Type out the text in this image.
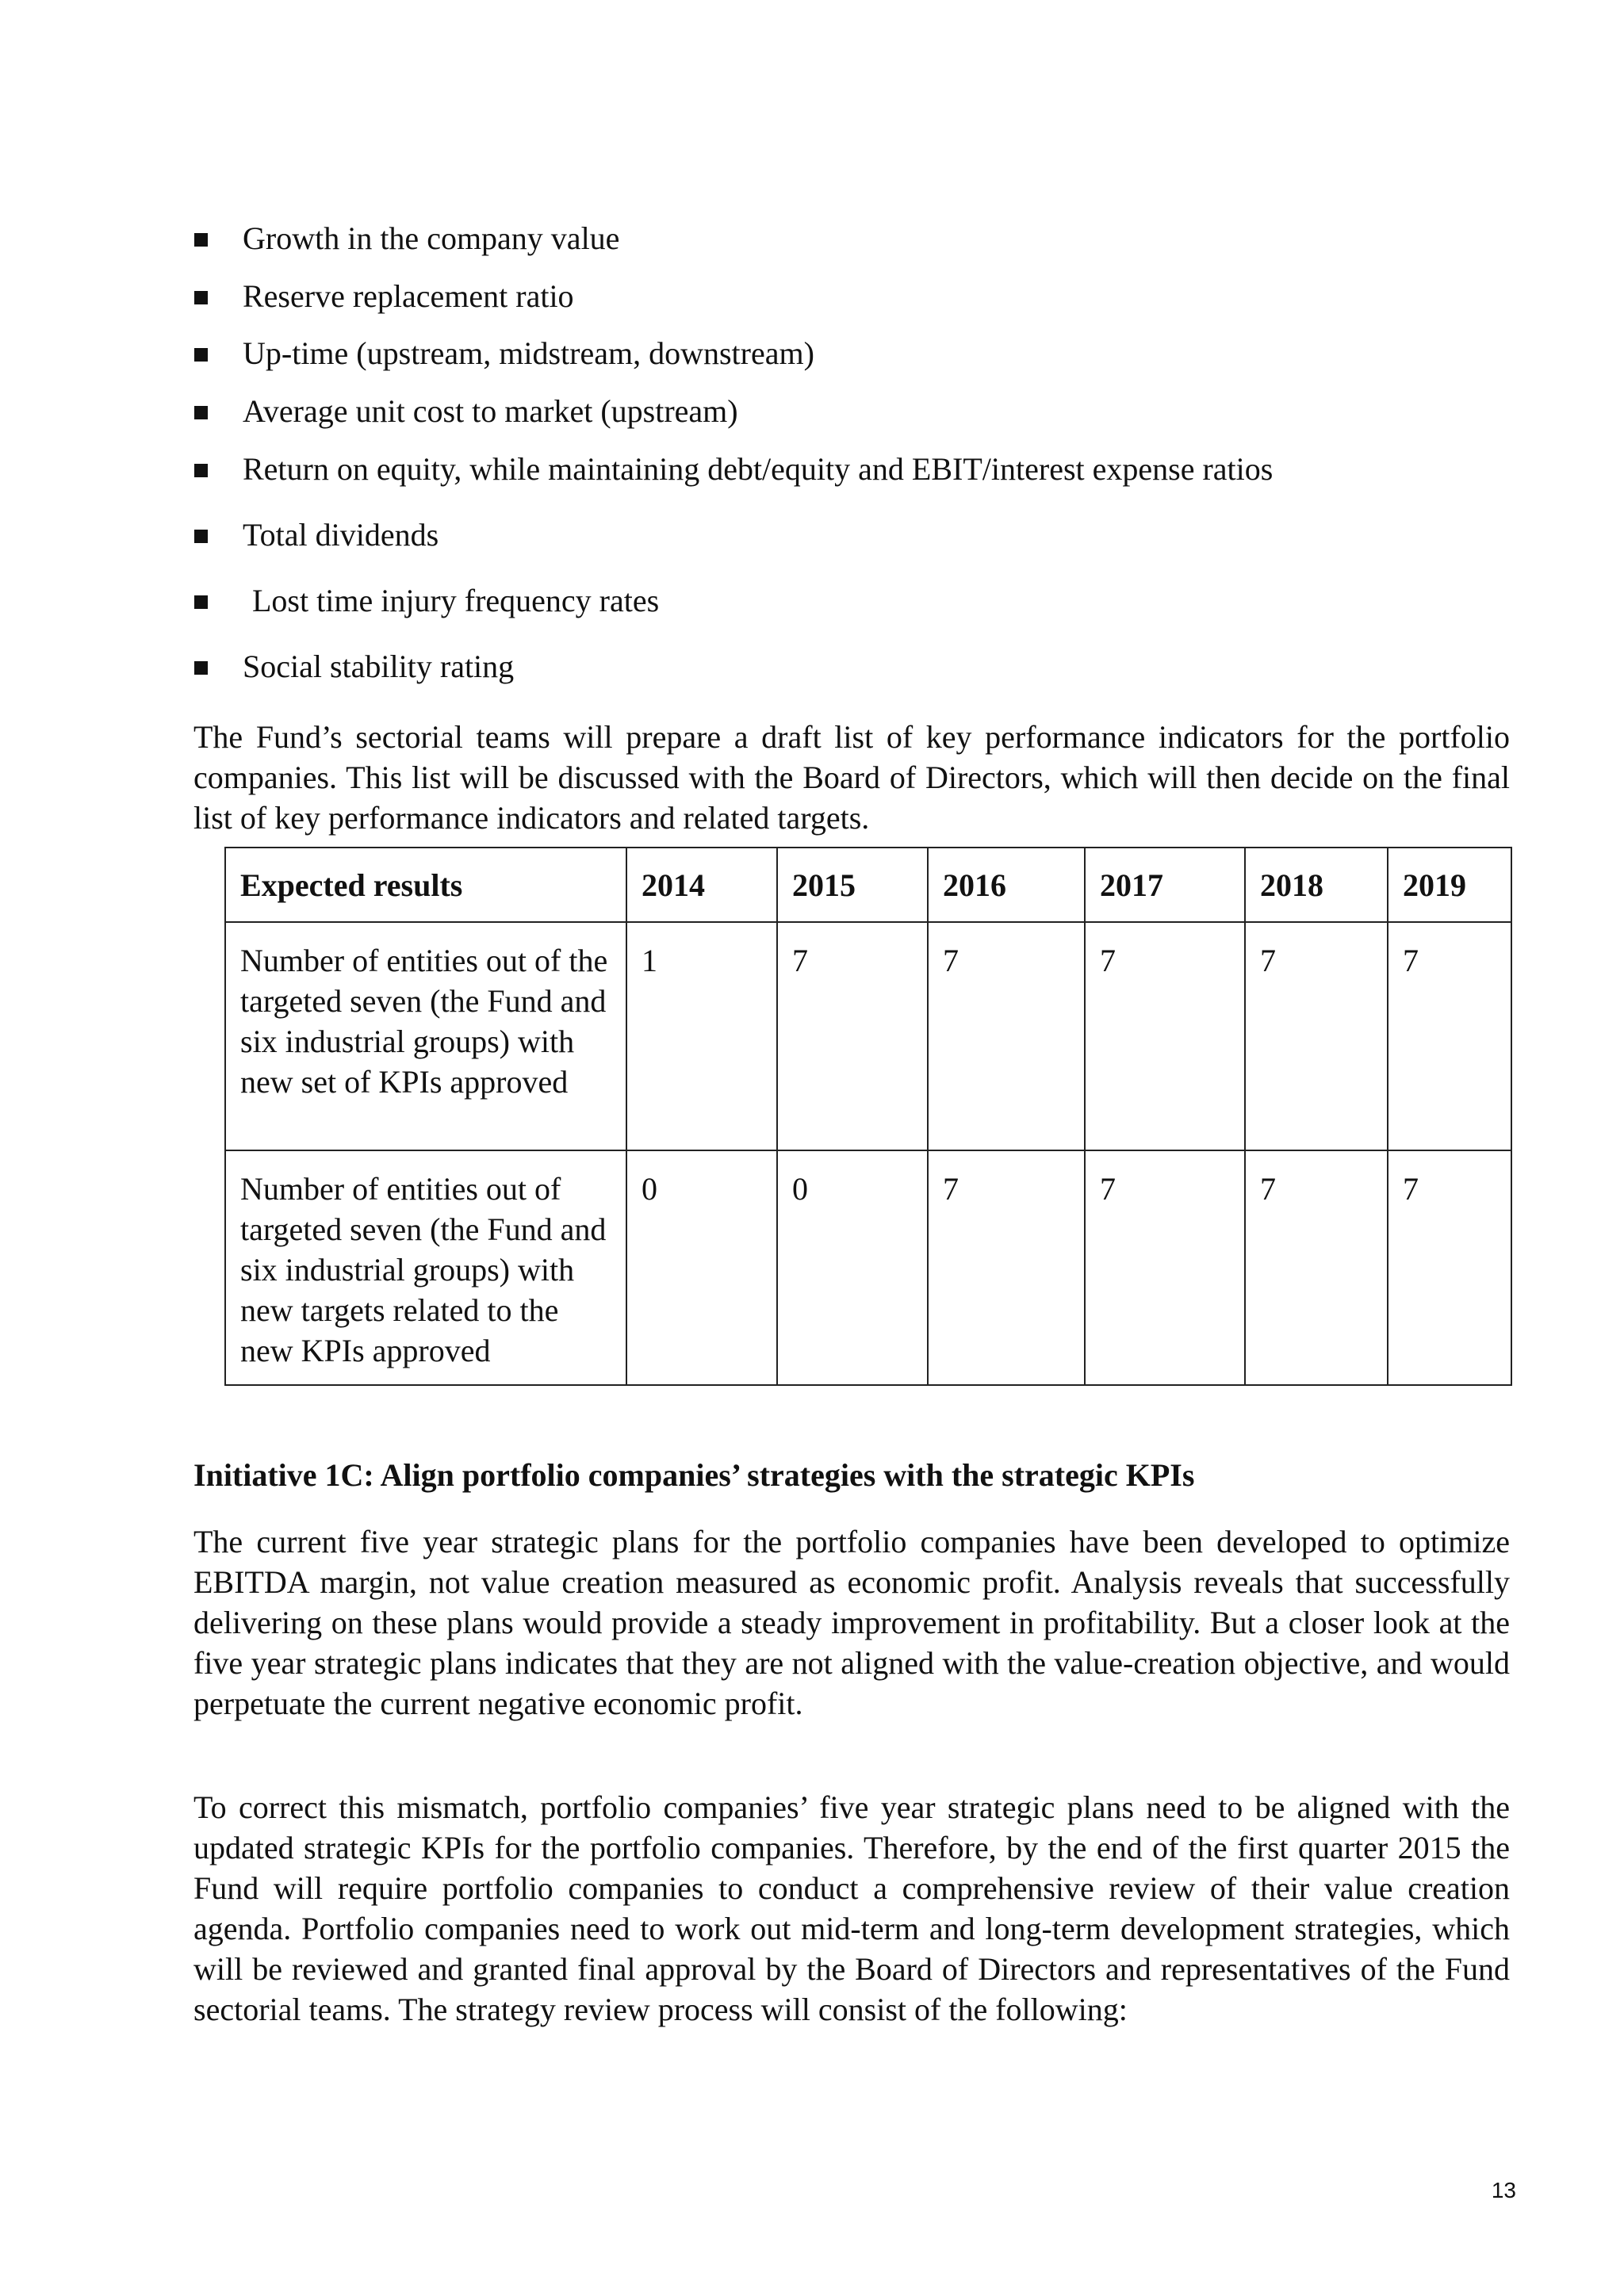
Growth in the company value
Reserve replacement ratio
Up-time (upstream, midstream, downstream)
Average unit cost to market (upstream)
Return on equity, while maintaining debt/equity and EBIT/interest expense ratios
Total dividends
Lost time injury frequency rates
Social stability rating

The Fund’s sectorial teams will prepare a draft list of key performance indicators for the portfolio companies. This list will be discussed with the Board of Directors, which will then decide on the final list of key performance indicators and related targets.

Expected results	2014	2015	2016	2017	2018	2019
Number of entities out of the targeted seven (the Fund and six industrial groups) with new set of KPIs approved	1	7	7	7	7	7
Number of entities out of targeted seven (the Fund and six industrial groups) with new targets related to the new KPIs approved	0	0	7	7	7	7
Initiative 1C: Align portfolio companies’ strategies with the strategic KPIs

The current five year strategic plans for the portfolio companies have been developed to optimize EBITDA margin, not value creation measured as economic profit. Analysis reveals that successfully delivering on these plans would provide a steady improvement in profitability. But a closer look at the five year strategic plans indicates that they are not aligned with the value-creation objective, and would perpetuate the current negative economic profit.

To correct this mismatch, portfolio companies’ five year strategic plans need to be aligned with the updated strategic KPIs for the portfolio companies. Therefore, by the end of the first quarter 2015 the Fund will require portfolio companies to conduct a comprehensive review of their value creation agenda. Portfolio companies need to work out mid-term and long-term development strategies, which will be reviewed and granted final approval by the Board of Directors and representatives of the Fund sectorial teams. The strategy review process will consist of the following:

13
